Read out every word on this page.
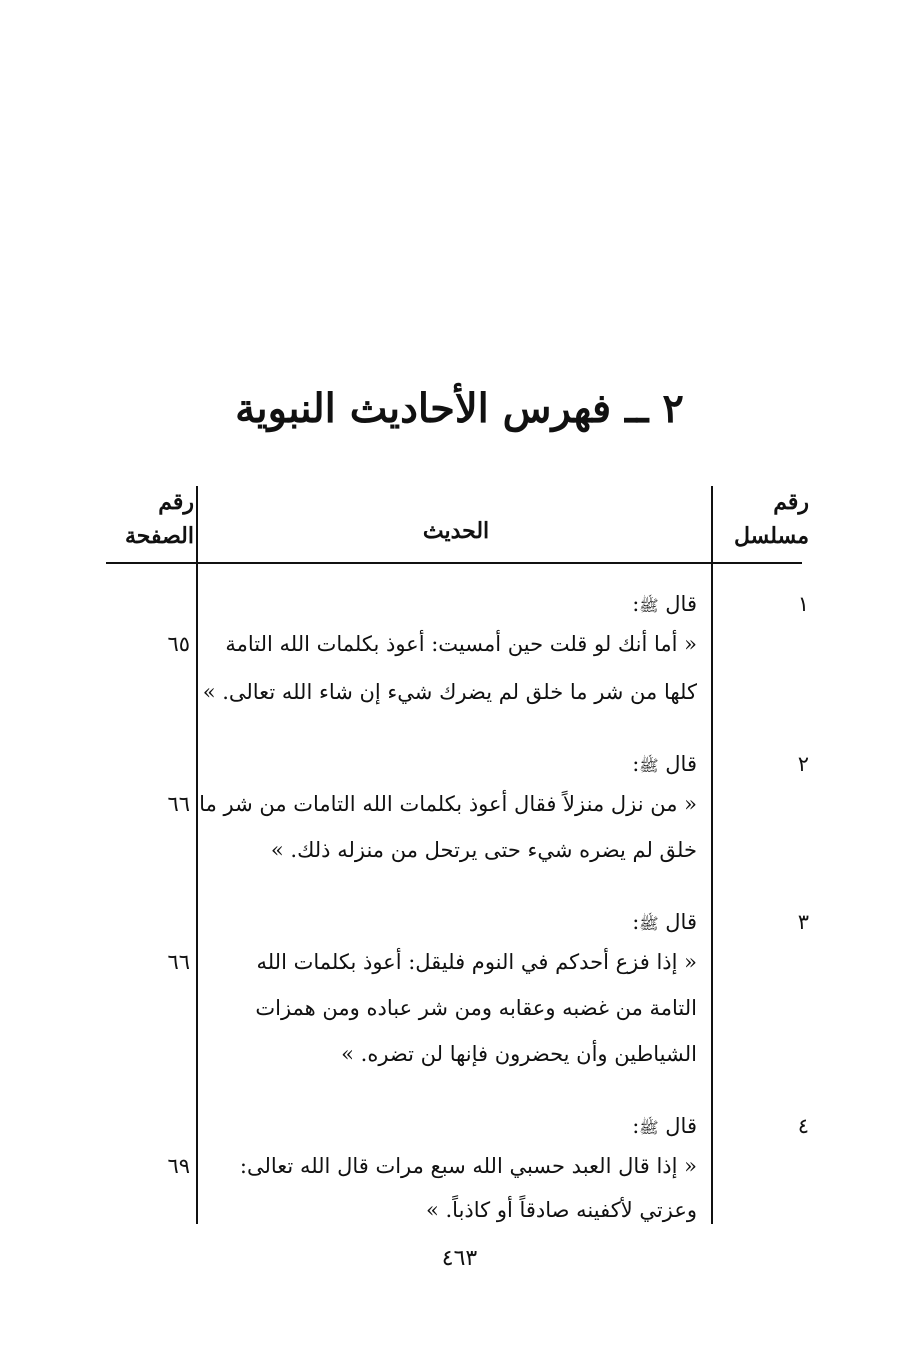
٢ ــ فهرس الأحاديث النبوية
رقم
مسلسل
الحديث
رقم
الصفحة
١
قال ﷺ:
« أما أنك لو قلت حين أمسيت: أعوذ بكلمات الله التامة
كلها من شر ما خلق لم يضرك شيء إن شاء الله تعالى. »
٦٥
٢
قال ﷺ:
« من نزل منزلاً فقال أعوذ بكلمات الله التامات من شر ما
خلق لم يضره شيء حتى يرتحل من منزله ذلك. »
٦٦
٣
قال ﷺ:
« إذا فزع أحدكم في النوم فليقل: أعوذ بكلمات الله
التامة من غضبه وعقابه ومن شر عباده ومن همزات
الشياطين وأن يحضرون فإنها لن تضره. »
٦٦
٤
قال ﷺ:
« إذا قال العبد حسبي الله سبع مرات قال الله تعالى:
وعزتي لأكفينه صادقاً أو كاذباً. »
٦٩
٤٦٣
